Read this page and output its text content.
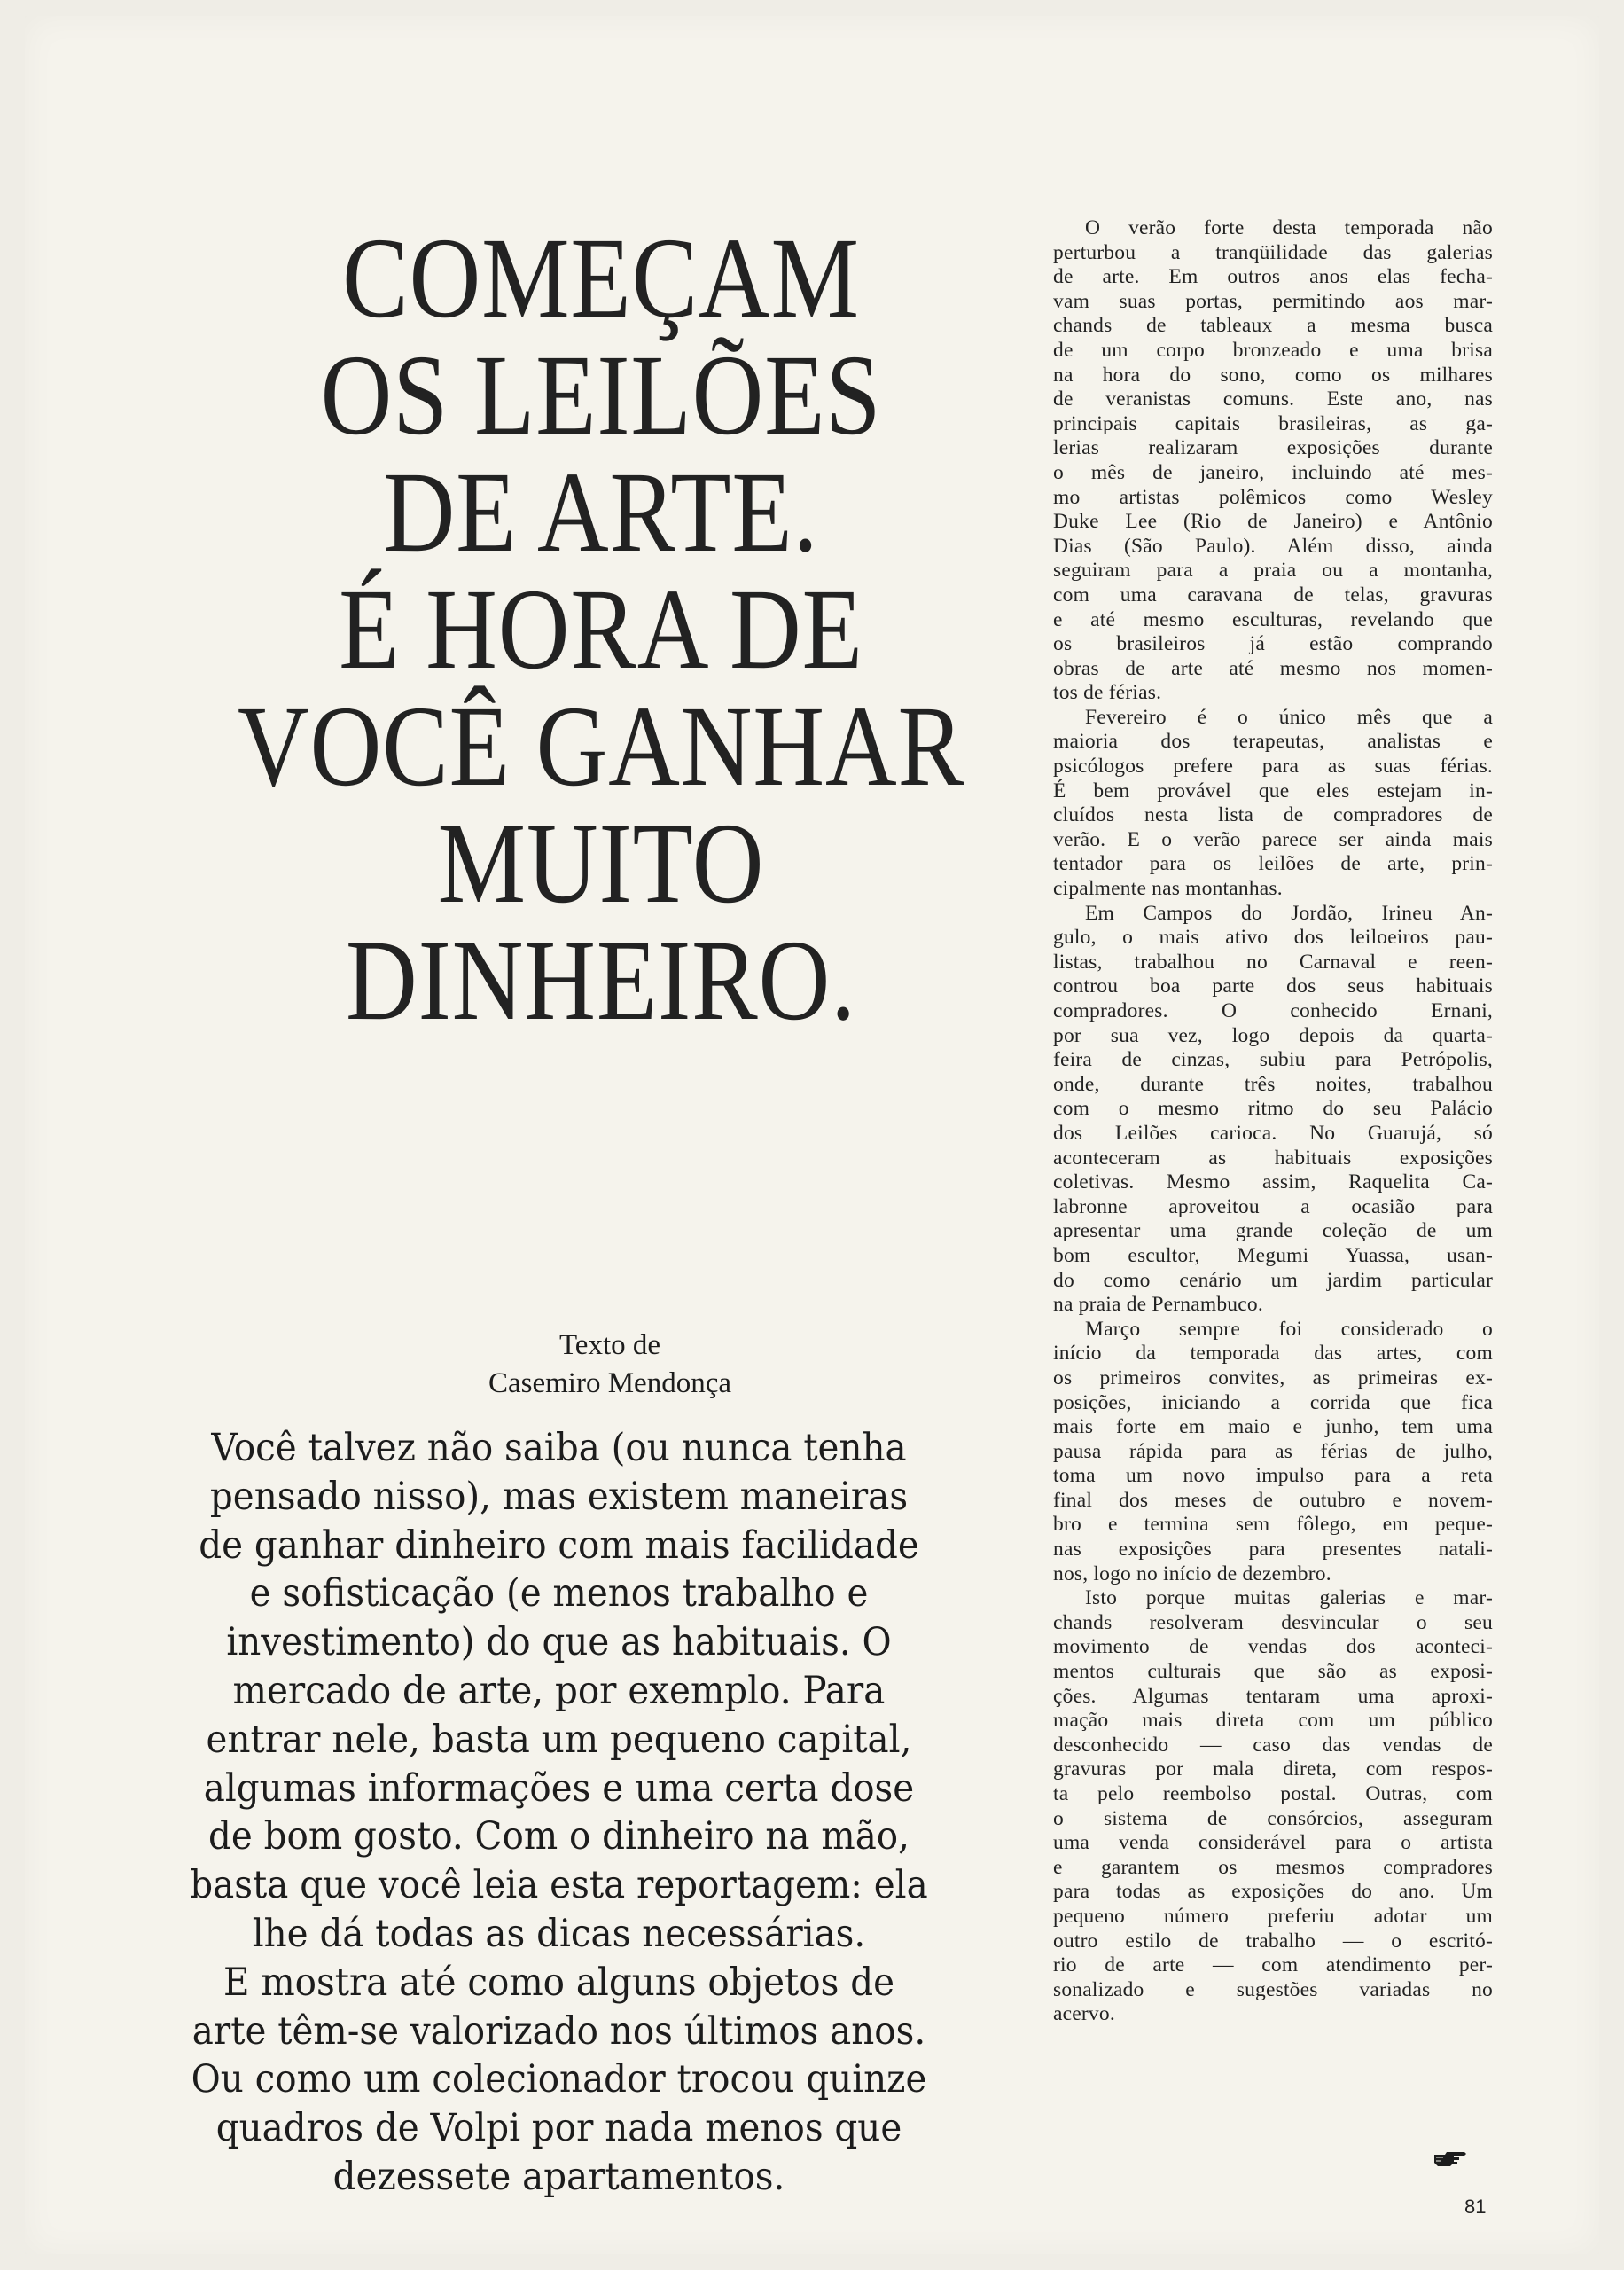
COMEÇAM
OS LEILÕES
DE ARTE.
É HORA DE
VOCÊ GANHAR
MUITO
DINHEIRO.
Texto de
Casemiro Mendonça
Você talvez não saiba (ou nunca tenha
pensado nisso), mas existem maneiras
de ganhar dinheiro com mais facilidade
e sofisticação (e menos trabalho e
investimento) do que as habituais. O
mercado de arte, por exemplo. Para
entrar nele, basta um pequeno capital,
algumas informações e uma certa dose
de bom gosto. Com o dinheiro na mão,
basta que você leia esta reportagem: ela
lhe dá todas as dicas necessárias.
E mostra até como alguns objetos de
arte têm-se valorizado nos últimos anos.
Ou como um colecionador trocou quinze
quadros de Volpi por nada menos que
dezessete apartamentos.
O verão forte desta temporada não
perturbou a tranqüilidade das galerias
de arte. Em outros anos elas fecha-
vam suas portas, permitindo aos mar-
chands de tableaux a mesma busca
de um corpo bronzeado e uma brisa
na hora do sono, como os milhares
de veranistas comuns. Este ano, nas
principais capitais brasileiras, as ga-
lerias realizaram exposições durante
o mês de janeiro, incluindo até mes-
mo artistas polêmicos como Wesley
Duke Lee (Rio de Janeiro) e Antônio
Dias (São Paulo). Além disso, ainda
seguiram para a praia ou a montanha,
com uma caravana de telas, gravuras
e até mesmo esculturas, revelando que
os brasileiros já estão comprando
obras de arte até mesmo nos momen-
tos de férias.
Fevereiro é o único mês que a
maioria dos terapeutas, analistas e
psicólogos prefere para as suas férias.
É bem provável que eles estejam in-
cluídos nesta lista de compradores de
verão. E o verão parece ser ainda mais
tentador para os leilões de arte, prin-
cipalmente nas montanhas.
Em Campos do Jordão, Irineu An-
gulo, o mais ativo dos leiloeiros pau-
listas, trabalhou no Carnaval e reen-
controu boa parte dos seus habituais
compradores. O conhecido Ernani,
por sua vez, logo depois da quarta-
feira de cinzas, subiu para Petrópolis,
onde, durante três noites, trabalhou
com o mesmo ritmo do seu Palácio
dos Leilões carioca. No Guarujá, só
aconteceram as habituais exposições
coletivas. Mesmo assim, Raquelita Ca-
labronne aproveitou a ocasião para
apresentar uma grande coleção de um
bom escultor, Megumi Yuassa, usan-
do como cenário um jardim particular
na praia de Pernambuco.
Março sempre foi considerado o
início da temporada das artes, com
os primeiros convites, as primeiras ex-
posições, iniciando a corrida que fica
mais forte em maio e junho, tem uma
pausa rápida para as férias de julho,
toma um novo impulso para a reta
final dos meses de outubro e novem-
bro e termina sem fôlego, em peque-
nas exposições para presentes natali-
nos, logo no início de dezembro.
Isto porque muitas galerias e mar-
chands resolveram desvincular o seu
movimento de vendas dos aconteci-
mentos culturais que são as exposi-
ções. Algumas tentaram uma aproxi-
mação mais direta com um público
desconhecido — caso das vendas de
gravuras por mala direta, com respos-
ta pelo reembolso postal. Outras, com
o sistema de consórcios, asseguram
uma venda considerável para o artista
e garantem os mesmos compradores
para todas as exposições do ano. Um
pequeno número preferiu adotar um
outro estilo de trabalho — o escritó-
rio de arte — com atendimento per-
sonalizado e sugestões variadas no
acervo.
81
